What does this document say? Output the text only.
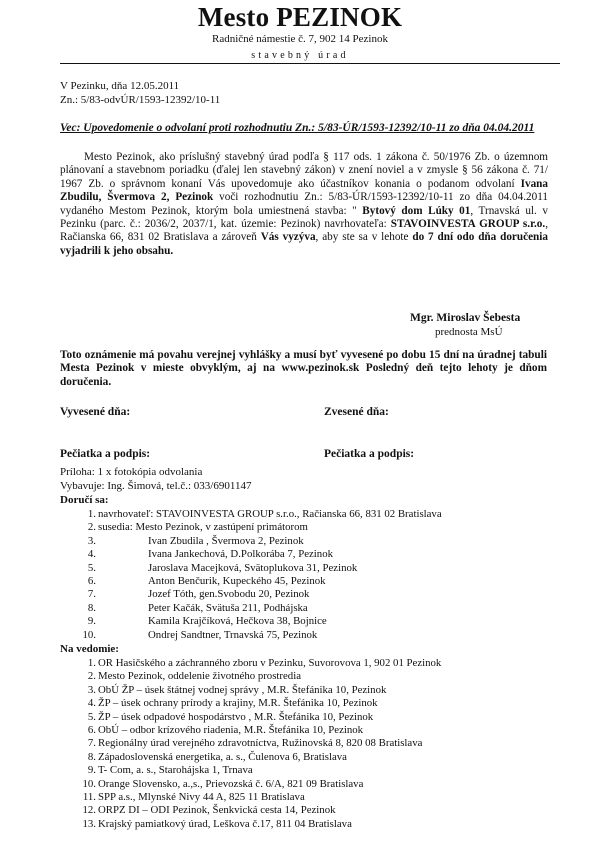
Mesto PEZINOK
Radničné námestie č. 7, 902 14 Pezinok
stavebný úrad
V Pezinku, dňa 12.05.2011
Zn.: 5/83-odvÚR/1593-12392/10-11
Vec: Upovedomenie o odvolaní proti rozhodnutiu Zn.: 5/83-ÚR/1593-12392/10-11 zo dňa 04.04.2011
Mesto Pezinok, ako príslušný stavebný úrad podľa § 117 ods. 1 zákona č. 50/1976 Zb. o územnom plánovaní a stavebnom poriadku (ďalej len stavebný zákon) v znení noviel a v zmysle § 56 zákona č. 71/ 1967 Zb. o správnom konaní Vás upovedomuje ako účastníkov konania o podanom odvolaní Ivana Zbudilu, Švermova 2, Pezinok voči rozhodnutiu Zn.: 5/83-ÚR/1593-12392/10-11 zo dňa 04.04.2011 vydaného Mestom Pezinok, ktorým bola umiestnená stavba: " Bytový dom Lúky 01, Trnavská ul. v Pezinku (parc. č.: 2036/2, 2037/1, kat. územie: Pezinok) navrhovateľa: STAVOINVESTA GROUP s.r.o., Račianska 66, 831 02 Bratislava a zároveň Vás vyzýva, aby ste sa v lehote do 7 dní odo dňa doručenia vyjadrili k jeho obsahu.
Mgr. Miroslav Šebesta
prednosta MsÚ
Toto oznámenie má povahu verejnej vyhlášky a musí byť vyvesené po dobu 15 dní na úradnej tabuli Mesta Pezinok v mieste obvyklým, aj na www.pezinok.sk Posledný deň tejto lehoty je dňom doručenia.
Vyvesené dňa:	Zvesené dňa:
Pečiatka a podpis:	Pečiatka a podpis:
Príloha: 1 x fotokópia odvolania
Vybavuje: Ing. Šimová, tel.č.: 033/6901147
Doručí sa:
1. navrhovateľ: STAVOINVESTA GROUP s.r.o., Račianska 66, 831 02 Bratislava
2. susedia: Mesto Pezinok, v zastúpení primátorom
3.	Ivan Zbudila , Švermova 2, Pezinok
4.	Ivana Jankechová, D.Polkorába 7, Pezinok
5.	Jaroslava Macejková, Svätoplukova 31, Pezinok
6.	Anton Benčurik, Kupeckého 45, Pezinok
7.	Jozef Tóth, gen.Svobodu 20, Pezinok
8.	Peter Kačák, Svätuša 211, Podhájska
9.	Kamila Krajčíková, Hečkova 38, Bojnice
10.	Ondrej Sandtner, Trnavská 75, Pezinok
Na vedomie:
1. OR Hasičského a záchranného zboru v Pezinku, Suvorovova 1, 902 01 Pezinok
2. Mesto Pezinok, oddelenie životného prostredia
3. ObÚ ŽP – úsek štátnej vodnej správy , M.R. Štefánika 10, Pezinok
4. ŽP – úsek ochrany prírody a krajiny, M.R. Štefánika 10, Pezinok
5. ŽP – úsek odpadové hospodárstvo , M.R. Štefánika 10, Pezinok
6. ObÚ – odbor krízového riadenia, M.R. Štefánika 10, Pezinok
7. Regionálny úrad verejného zdravotníctva, Ružinovská 8, 820 08 Bratislava
8. Západoslovenská energetika, a. s., Čulenova 6, Bratislava
9. T- Com, a. s., Starohájska 1, Trnava
10. Orange Slovensko, a.,s., Prievozská č. 6/A, 821 09 Bratislava
11. SPP a.s., Mlynské Nivy 44 A, 825 11 Bratislava
12. ORPZ DI – ODI Pezinok, Šenkvická cesta 14, Pezinok
13. Krajský pamiatkový úrad, Leškova č.17, 811 04 Bratislava
